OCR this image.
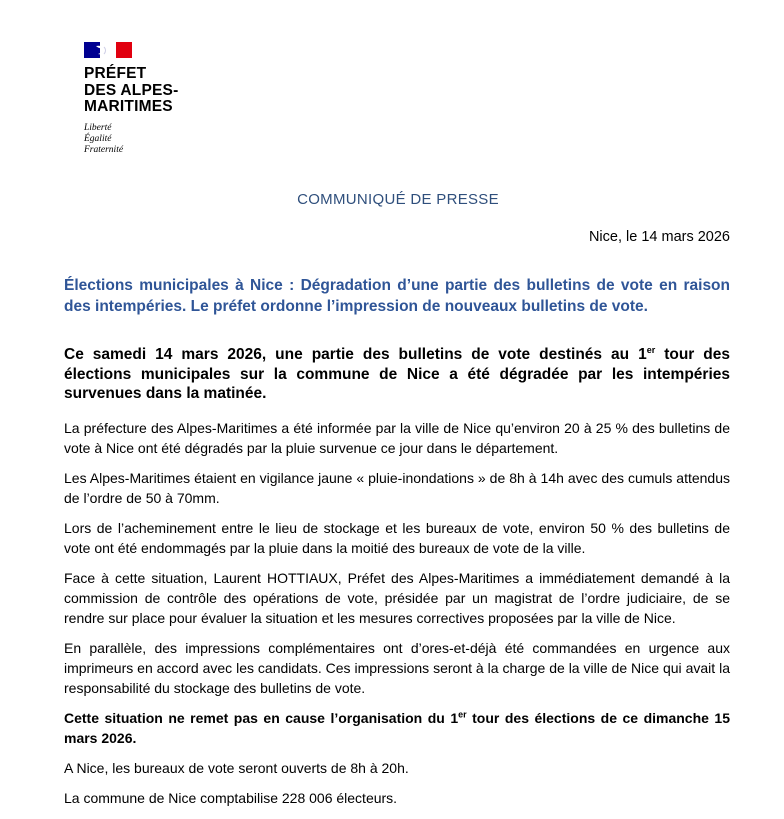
PRÉFET
DES ALPES-
MARITIMES
Liberté
Égalité
Fraternité

COMMUNIQUÉ DE PRESSE

Nice, le 14 mars 2026

Élections municipales à Nice : Dégradation d’une partie des bulletins de vote en raison des intempéries. Le préfet ordonne l’impression de nouveaux bulletins de vote.

Ce samedi 14 mars 2026, une partie des bulletins de vote destinés au 1er tour des élections municipales sur la commune de Nice a été dégradée par les intempéries survenues dans la matinée.

La préfecture des Alpes-Maritimes a été informée par la ville de Nice qu’environ 20 à 25 % des bulletins de vote à Nice ont été dégradés par la pluie survenue ce jour dans le département.

Les Alpes-Maritimes étaient en vigilance jaune « pluie-inondations » de 8h à 14h avec des cumuls attendus de l’ordre de 50 à 70mm.

Lors de l’acheminement entre le lieu de stockage et les bureaux de vote, environ 50 % des bulletins de vote ont été endommagés par la pluie dans la moitié des bureaux de vote de la ville.

Face à cette situation, Laurent HOTTIAUX, Préfet des Alpes-Maritimes a immédiatement demandé à la commission de contrôle des opérations de vote, présidée par un magistrat de l’ordre judiciaire, de se rendre sur place pour évaluer la situation et les mesures correctives proposées par la ville de Nice.

En parallèle, des impressions complémentaires ont d’ores-et-déjà été commandées en urgence aux imprimeurs en accord avec les candidats. Ces impressions seront à la charge de la ville de Nice qui avait la responsabilité du stockage des bulletins de vote.

Cette situation ne remet pas en cause l’organisation du 1er tour des élections de ce dimanche 15 mars 2026.

A Nice, les bureaux de vote seront ouverts de 8h à 20h.

La commune de Nice comptabilise 228 006 électeurs.
